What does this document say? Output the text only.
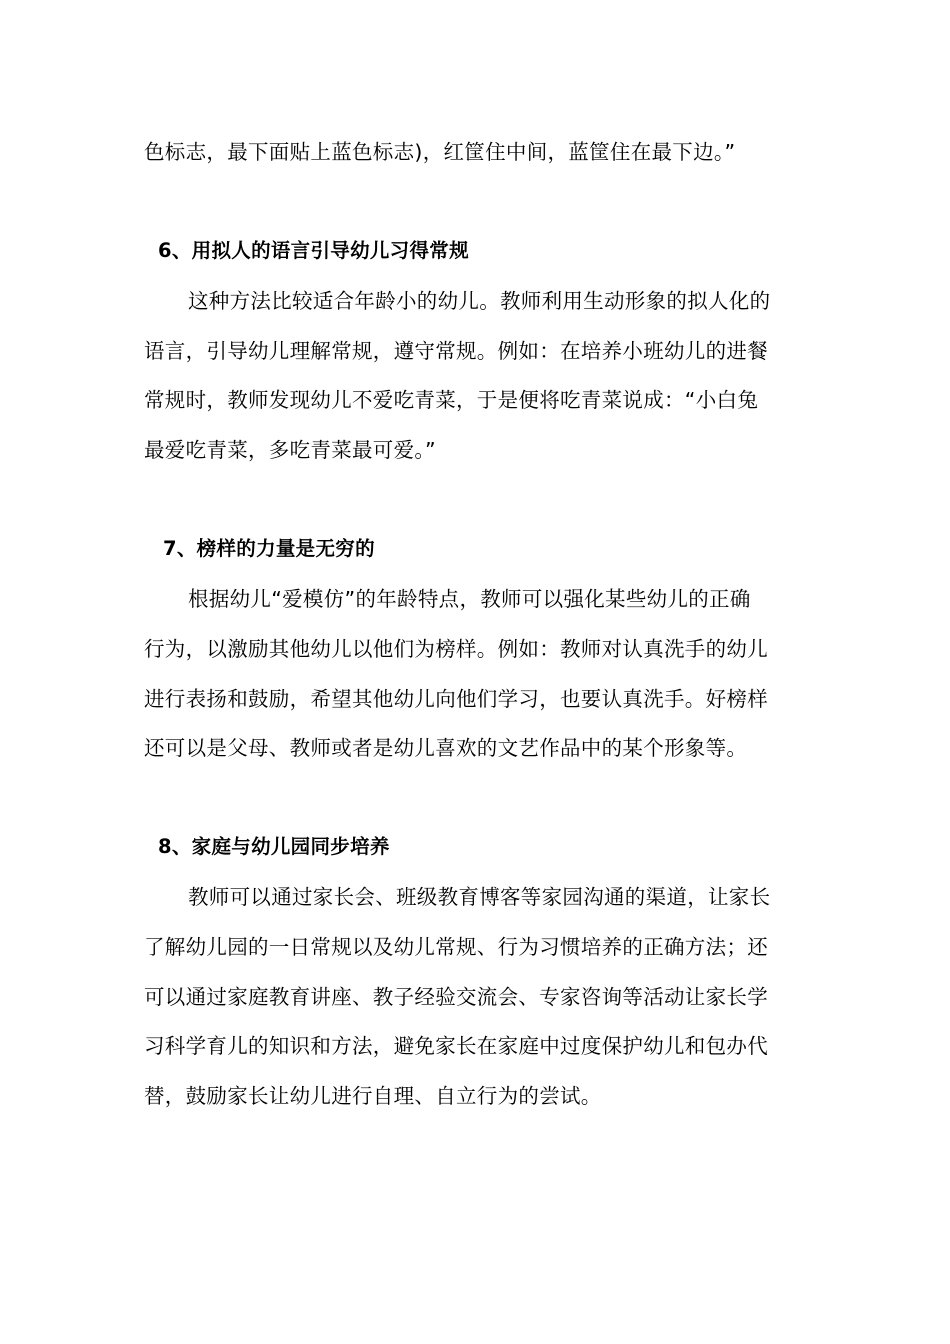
色标志，最下面贴上蓝色标志)，红筐住中间，蓝筐住在最下边。”
6、用拟人的语言引导幼儿习得常规
这种方法比较适合年龄小的幼儿。教师利用生动形象的拟人化的
语言，引导幼儿理解常规，遵守常规。例如：在培养小班幼儿的进餐
常规时，教师发现幼儿不爱吃青菜，于是便将吃青菜说成：“小白兔
最爱吃青菜，多吃青菜最可爱。”
7、榜样的力量是无穷的
根据幼儿“爱模仿”的年龄特点，教师可以强化某些幼儿的正确
行为，以激励其他幼儿以他们为榜样。例如：教师对认真洗手的幼儿
进行表扬和鼓励，希望其他幼儿向他们学习，也要认真洗手。好榜样
还可以是父母、教师或者是幼儿喜欢的文艺作品中的某个形象等。
8、家庭与幼儿园同步培养
教师可以通过家长会、班级教育博客等家园沟通的渠道，让家长
了解幼儿园的一日常规以及幼儿常规、行为习惯培养的正确方法；还
可以通过家庭教育讲座、教子经验交流会、专家咨询等活动让家长学
习科学育儿的知识和方法，避免家长在家庭中过度保护幼儿和包办代
替，鼓励家长让幼儿进行自理、自立行为的尝试。
